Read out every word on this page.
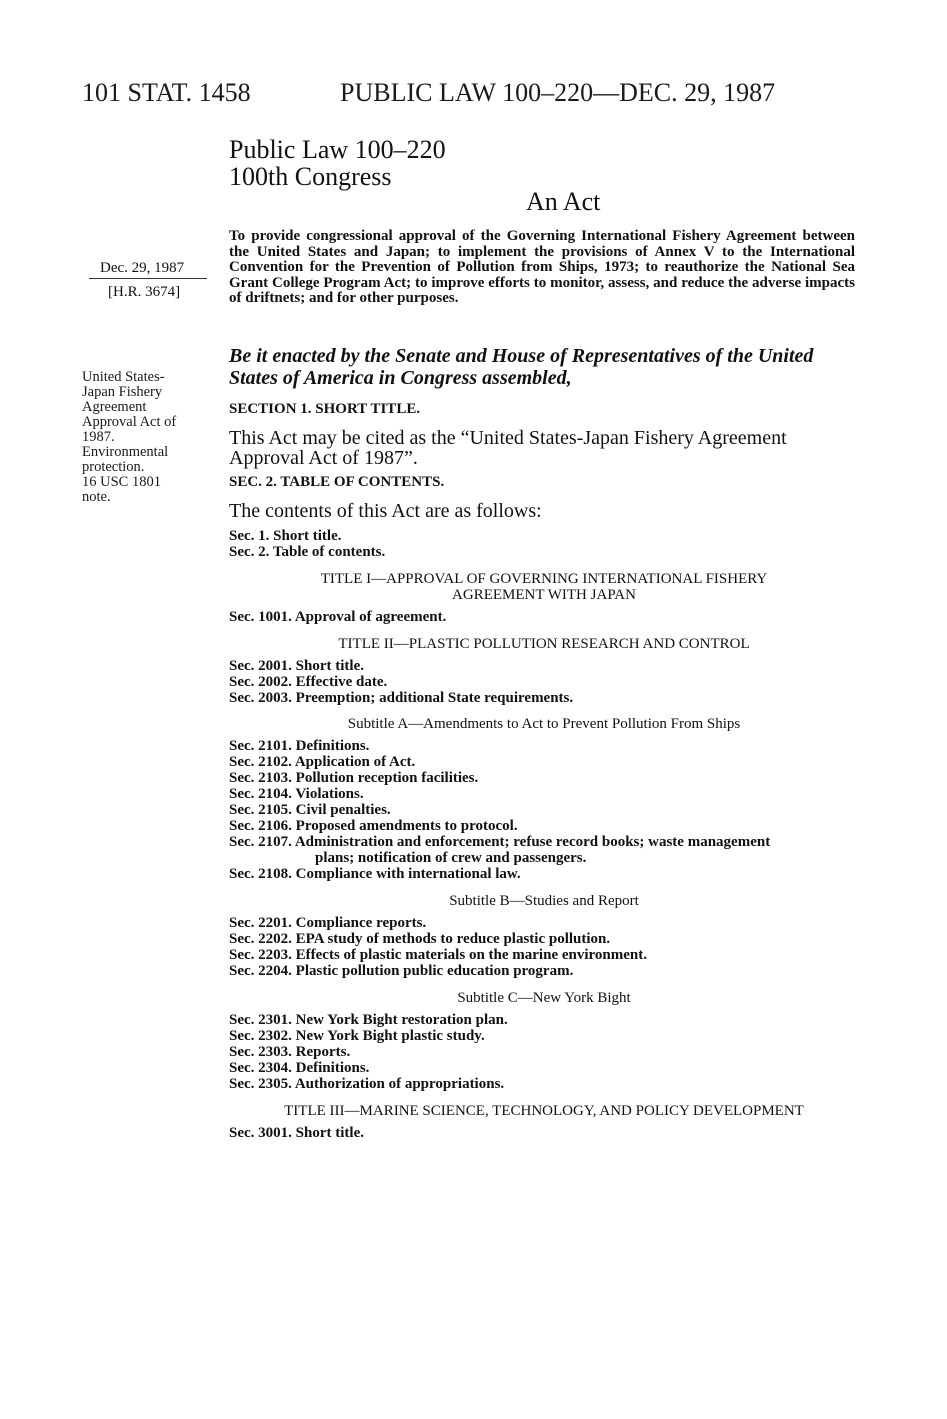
101 STAT. 1458	PUBLIC LAW 100–220—DEC. 29, 1987
Public Law 100–220
100th Congress
An Act
Dec. 29, 1987
[H.R. 3674]
United States-
Japan Fishery
Agreement
Approval Act of
1987.
Environmental
protection.
16 USC 1801
note.
To provide congressional approval of the Governing International Fishery Agreement between the United States and Japan; to implement the provisions of Annex V to the International Convention for the Prevention of Pollution from Ships, 1973; to reauthorize the National Sea Grant College Program Act; to improve efforts to monitor, assess, and reduce the adverse impacts of driftnets; and for other purposes.
Be it enacted by the Senate and House of Representatives of the United States of America in Congress assembled,
SECTION 1. SHORT TITLE.
This Act may be cited as the “United States-Japan Fishery Agreement Approval Act of 1987”.
SEC. 2. TABLE OF CONTENTS.
The contents of this Act are as follows:
Sec. 1. Short title.
Sec. 2. Table of contents.
TITLE I—APPROVAL OF GOVERNING INTERNATIONAL FISHERY
AGREEMENT WITH JAPAN
Sec. 1001. Approval of agreement.
TITLE II—PLASTIC POLLUTION RESEARCH AND CONTROL
Sec. 2001. Short title.
Sec. 2002. Effective date.
Sec. 2003. Preemption; additional State requirements.
Subtitle A—Amendments to Act to Prevent Pollution From Ships
Sec. 2101. Definitions.
Sec. 2102. Application of Act.
Sec. 2103. Pollution reception facilities.
Sec. 2104. Violations.
Sec. 2105. Civil penalties.
Sec. 2106. Proposed amendments to protocol.
Sec. 2107. Administration and enforcement; refuse record books; waste management
plans; notification of crew and passengers.
Sec. 2108. Compliance with international law.
Subtitle B—Studies and Report
Sec. 2201. Compliance reports.
Sec. 2202. EPA study of methods to reduce plastic pollution.
Sec. 2203. Effects of plastic materials on the marine environment.
Sec. 2204. Plastic pollution public education program.
Subtitle C—New York Bight
Sec. 2301. New York Bight restoration plan.
Sec. 2302. New York Bight plastic study.
Sec. 2303. Reports.
Sec. 2304. Definitions.
Sec. 2305. Authorization of appropriations.
TITLE III—MARINE SCIENCE, TECHNOLOGY, AND POLICY DEVELOPMENT
Sec. 3001. Short title.
